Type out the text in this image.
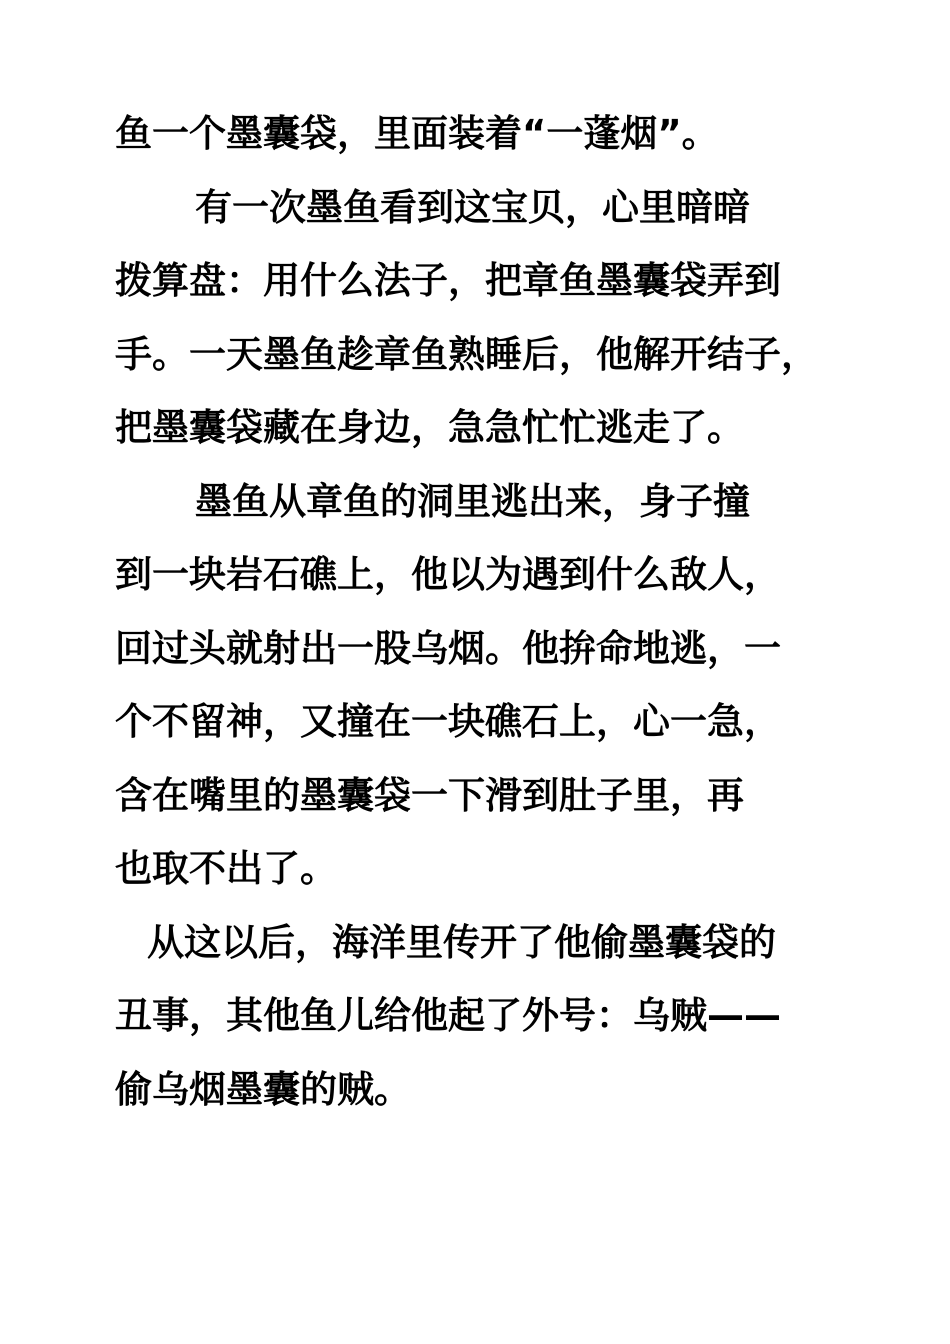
鱼一个墨囊袋，里面装着“一蓬烟”。
有一次墨鱼看到这宝贝，心里暗暗
拨算盘：用什么法子，把章鱼墨囊袋弄到
手。一天墨鱼趁章鱼熟睡后，他解开结子，
把墨囊袋藏在身边，急急忙忙逃走了。
墨鱼从章鱼的洞里逃出来，身子撞
到一块岩石礁上，他以为遇到什么敌人，
回过头就射出一股乌烟。他拚命地逃，一
个不留神，又撞在一块礁石上，心一急，
含在嘴里的墨囊袋一下滑到肚子里，再
也取不出了。
从这以后，海洋里传开了他偷墨囊袋的
丑事，其他鱼儿给他起了外号：乌贼——
偷乌烟墨囊的贼。
